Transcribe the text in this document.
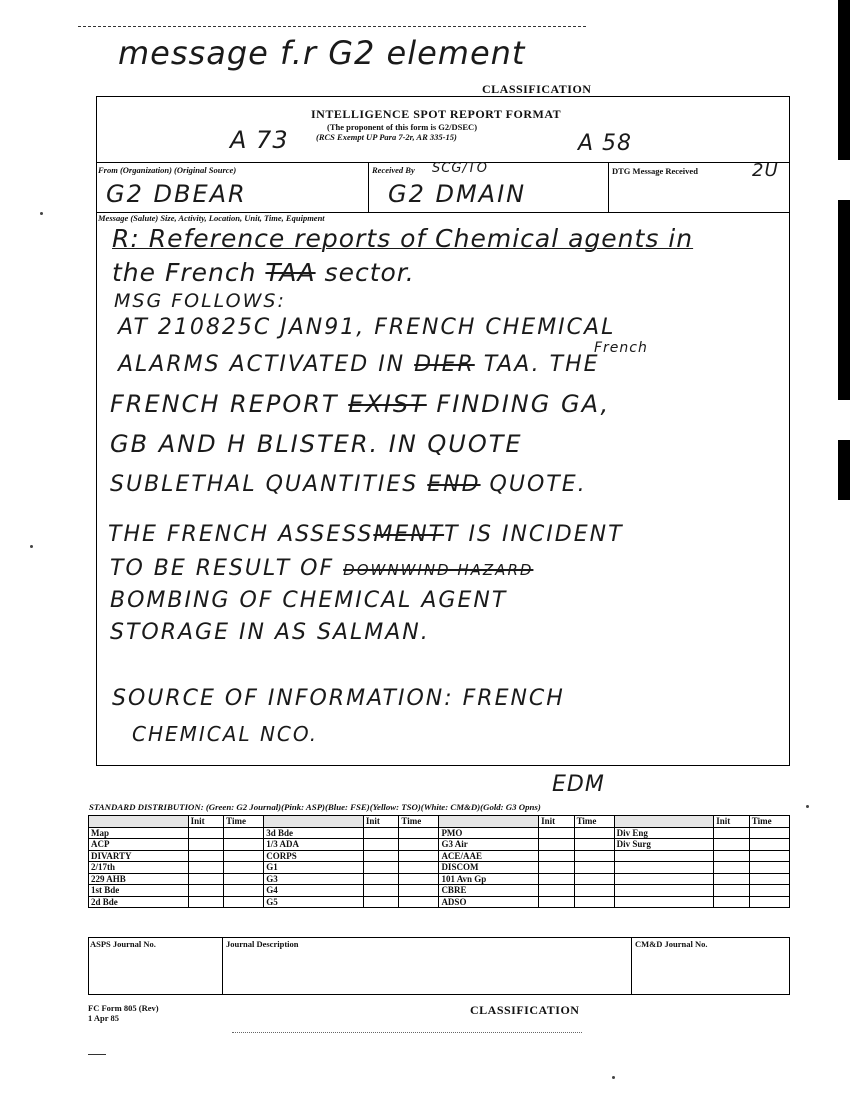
message f.r G2 element
CLASSIFICATION
INTELLIGENCE SPOT REPORT FORMAT
(The proponent of this form is G2/DSEC)
(RCS Exempt UP Para 7-2r, AR 335-15)
A 73	A 58
From (Organization) (Original Source)
G2 DBEAR
Received By SCG/TO
G2 DMAIN
DTG Message Received	2U
Message (Salute) Size, Activity, Location, Unit, Time, Equipment
R: Reference reports of Chemical agents in
the French TAA sector.
MSG FOLLOWS:
French
AT 210825C JAN91, FRENCH CHEMICAL
ALARMS ACTIVATED IN DIER TAA. THE
FRENCH REPORT EXIST FINDING GA,
GB AND H BLISTER. IN QUOTE
SUBLETHAL QUANTITIES END QUOTE.
THE FRENCH ASSESSMENTT IS INCIDENT
TO BE RESULT OF DOWNWIND HAZARD
BOMBING OF CHEMICAL AGENT
STORAGE IN AS SALMAN.
SOURCE OF INFORMATION: FRENCH
CHEMICAL NCO.
EDM
STANDARD DISTRIBUTION: (Green: G2 Journal)(Pink: ASP)(Blue: FSE)(Yellow: TSO)(White: CM&D)(Gold: G3 Opns)
	Init	Time		Init	Time		Init	Time		Init	Time
Map			3d Bde			PMO			Div Eng		
ACP			1/3 ADA			G3 Air			Div Surg		
DIVARTY			CORPS			ACE/AAE					
2/17th			G1			DISCOM					
229 AHB			G3			101 Avn Gp					
1st Bde			G4			CBRE					
2d Bde			G5			ADSO					
ASPS Journal No.	Journal Description	CM&D Journal No.
FC Form 805 (Rev)
1 Apr 85
CLASSIFICATION
